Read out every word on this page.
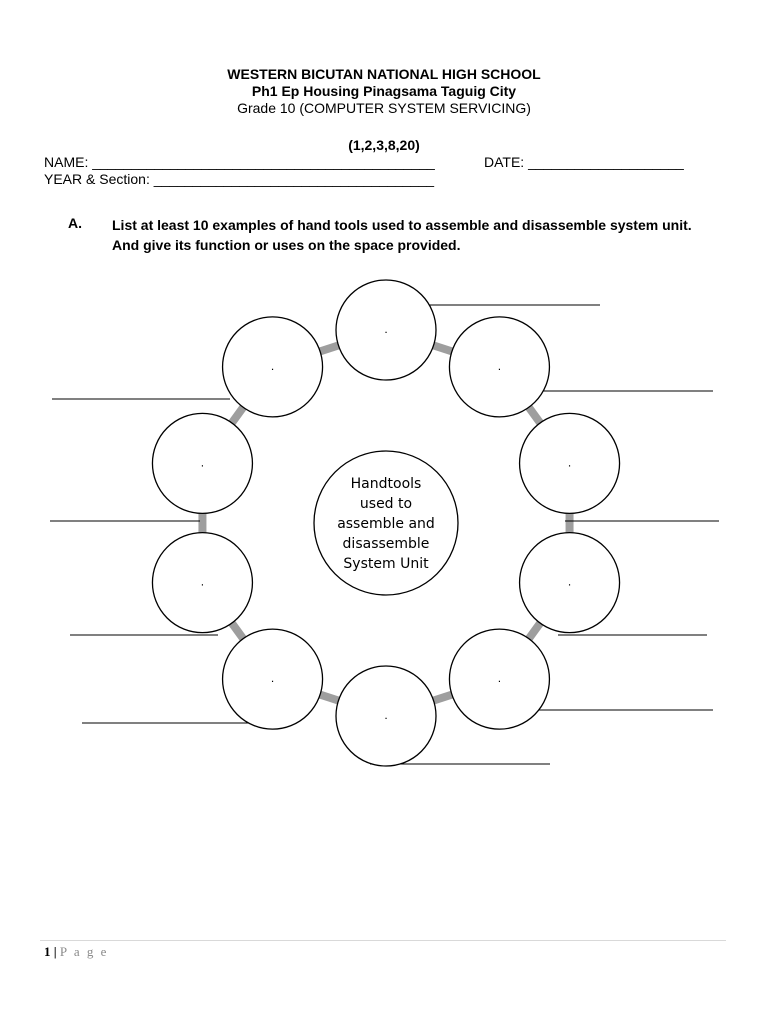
WESTERN BICUTAN NATIONAL HIGH SCHOOL
Ph1 Ep Housing Pinagsama Taguig City
Grade 10 (COMPUTER SYSTEM SERVICING)
(1,2,3,8,20)
NAME: ____________________________________________	DATE: ____________________
YEAR & Section: ____________________________________
A. List at least 10 examples of hand tools used to assemble and disassemble system unit. And give its function or uses on the space provided.
.
.
.
.
.
.
.
.
.
.
Handtools used to assemble and disassemble System Unit
1 | P a g e
